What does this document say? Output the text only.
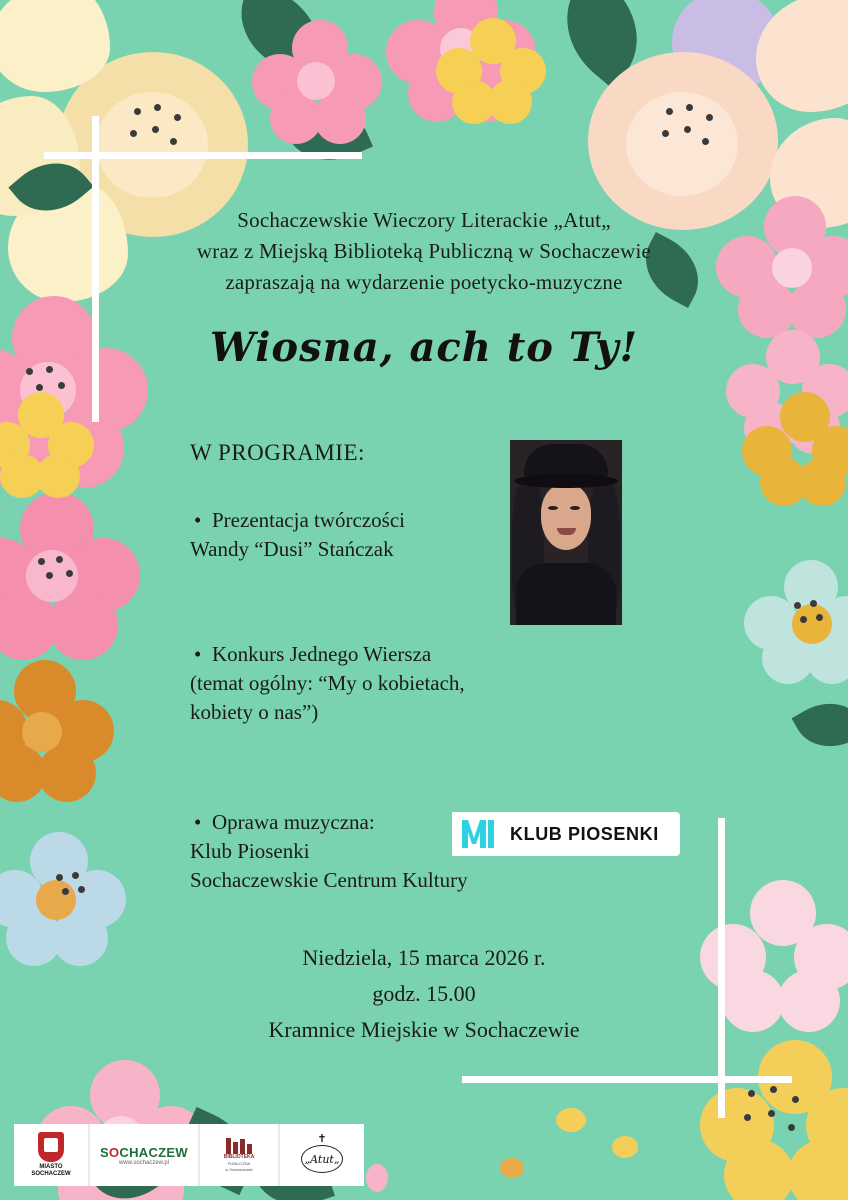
Sochaczewskie Wieczory Literackie „Atut„
wraz z Miejską Biblioteką Publiczną w Sochaczewie
zapraszają na wydarzenie poetycko-muzyczne
Wiosna, ach to Ty!
W PROGRAMIE:
• Prezentacja twórczości
Wandy “Dusi” Stańczak
• Konkurs Jednego Wiersza
(temat ogólny: “My o kobietach,
kobiety o nas”)
• Oprawa muzyczna:
Klub Piosenki
Sochaczewskie Centrum Kultury
KLUB PIOSENKI
Niedziela, 15 marca 2026 r.
godz. 15.00
Kramnice Miejskie w Sochaczewie
MIASTO
SOCHACZEW
SOCHACZEW
www.sochaczew.pl
BIBLIOTEKA
PUBLICZNA
w Sochaczewie
✝
„Atut„
